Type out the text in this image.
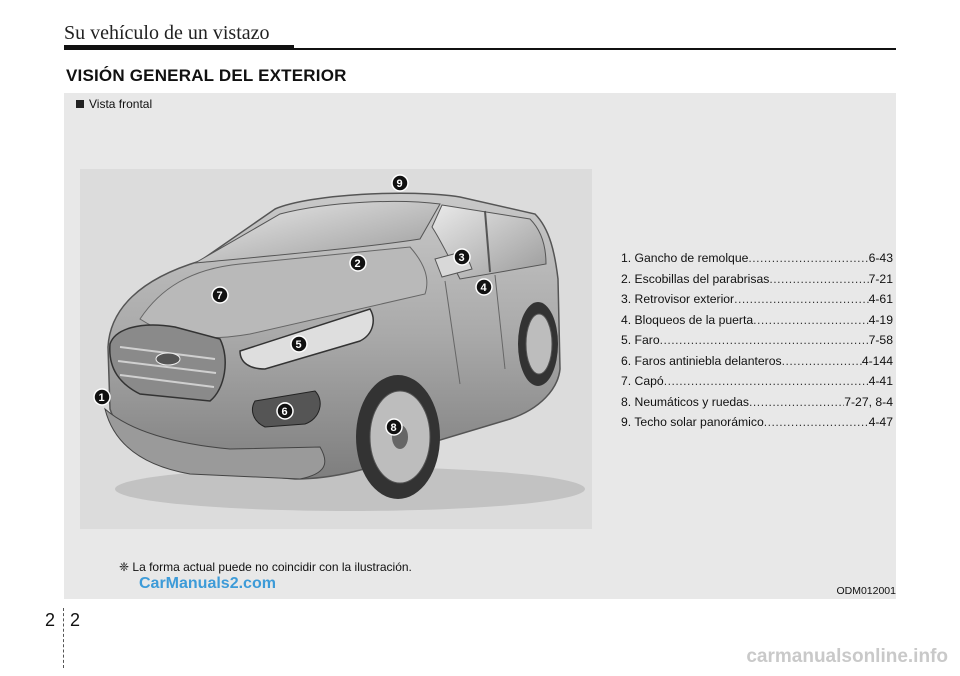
Su vehículo de un vistazo
VISIÓN GENERAL DEL EXTERIOR
Vista frontal
9
2	3
4
7
5
1
6
8
1. Gancho de remolque .....	6-43
2. Escobillas del parabrisas .....	7-21
3. Retrovisor exterior .....	4-61
4. Bloqueos de la puerta .....	4-19
5. Faro .....	7-58
6. Faros antiniebla delanteros .....	4-144
7. Capó .....	4-41
8. Neumáticos y ruedas .....	7-27, 8-4
9. Techo solar panorámico .....	4-47
❈ La forma actual puede no coincidir con la ilustración.
CarManuals2.com	ODM012001
2 2
carmanualsonline.info
